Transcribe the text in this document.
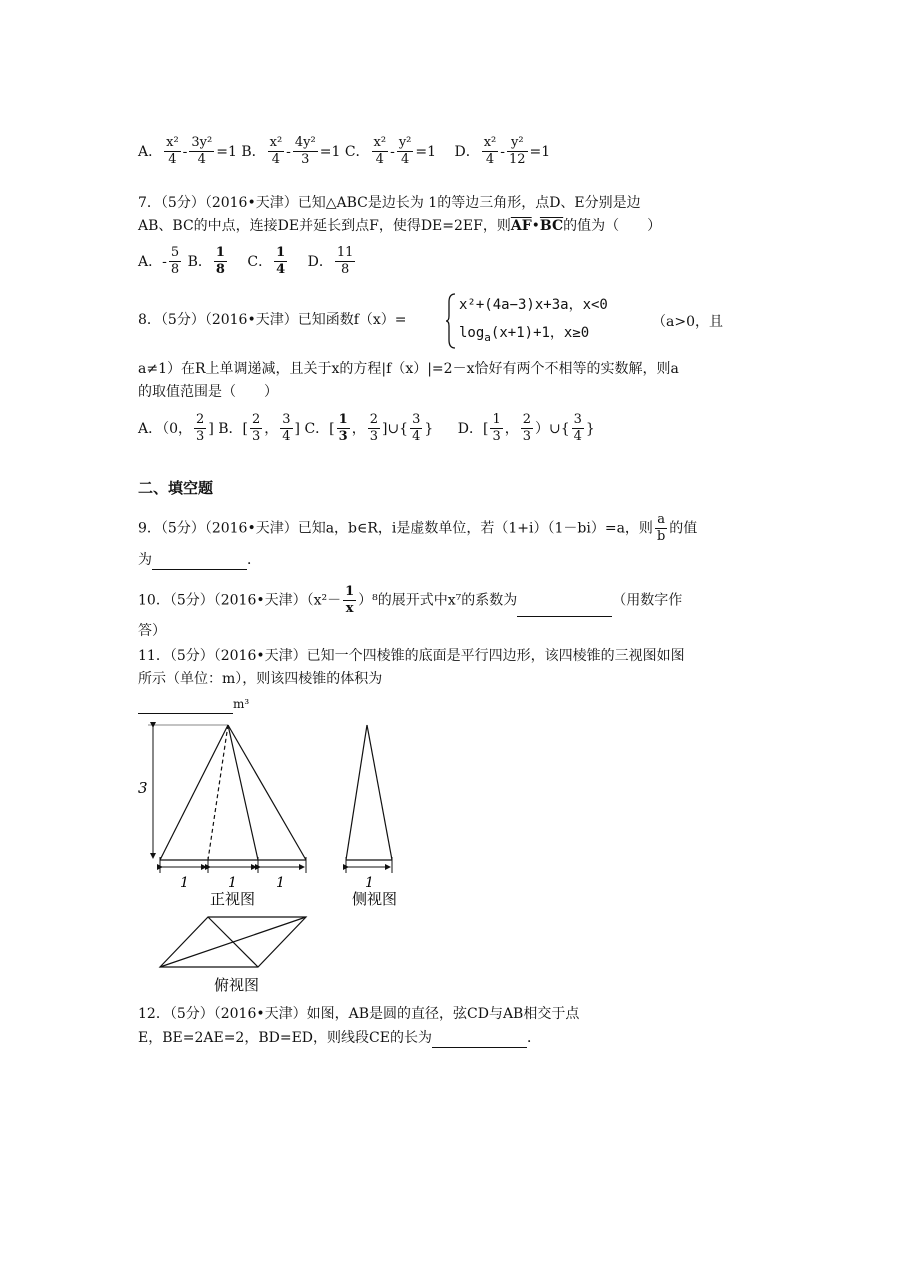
A． $\frac{\text{x²}}{4} - \frac{\text{3y²}}{4} =1$ B． $\frac{\text{x²}}{4} - \frac{\text{4y²}}{3} =1$ C． $\frac{\text{x²}}{4} - \frac{\text{y²}}{4} =1$ D． $\frac{\text{x²}}{4} - \frac{\text{y²}}{12} =1$
7．（5分）（2016•天津）已知△ABC是边长为 1的等边三角形，点D、E分别是边
AB、BC的中点，连接DE并延长到点F，使得DE=2EF，则$\overline{AF}•\overline{BC}$的值为（　　）
A．- $\frac{5}{8}$ B． $\frac{1}{8}$ C． $\frac{1}{4}$ D． $\frac{11}{8}$
8．（5分）（2016•天津）已知函数f（x）=
x²+(4a−3)x+3a，x<0
$\log_a(x+1)+1$，x≥0
（a>0，且
a≠1）在R上单调递减，且关于x的方程|f（x）|=2－x恰好有两个不相等的实数解，则a
的取值范围是（　　）
A．（0， $\frac{2}{3}$ ] B．[ $\frac{2}{3}$ ， $\frac{3}{4}$ ] C．[ $\frac{1}{3}$ ， $\frac{2}{3}$ ]∪{ $\frac{3}{4}$ } D．[ $\frac{1}{3}$ ， $\frac{2}{3}$ ）∪{ $\frac{3}{4}$ }
二、填空题
9．（5分）（2016•天津）已知a，b∈R，i是虚数单位，若（1+i）（1－bi）=a，则 $\frac{a}{b}$ 的值
为	．
10．（5分）（2016•天津）$(x^2- \frac{1}{x} )^8$的展开式中x⁷的系数为	（用数字作
答）
11．（5分）（2016•天津）已知一个四棱锥的底面是平行四边形，该四棱锥的三视图如图
所示（单位：m），则该四棱锥的体积为
m³
3
1	1	1
正视图
1
侧视图
俯视图
12．（5分）（2016•天津）如图，AB是圆的直径，弦CD与AB相交于点
E，BE=2AE=2，BD=ED，则线段CE的长为	．
